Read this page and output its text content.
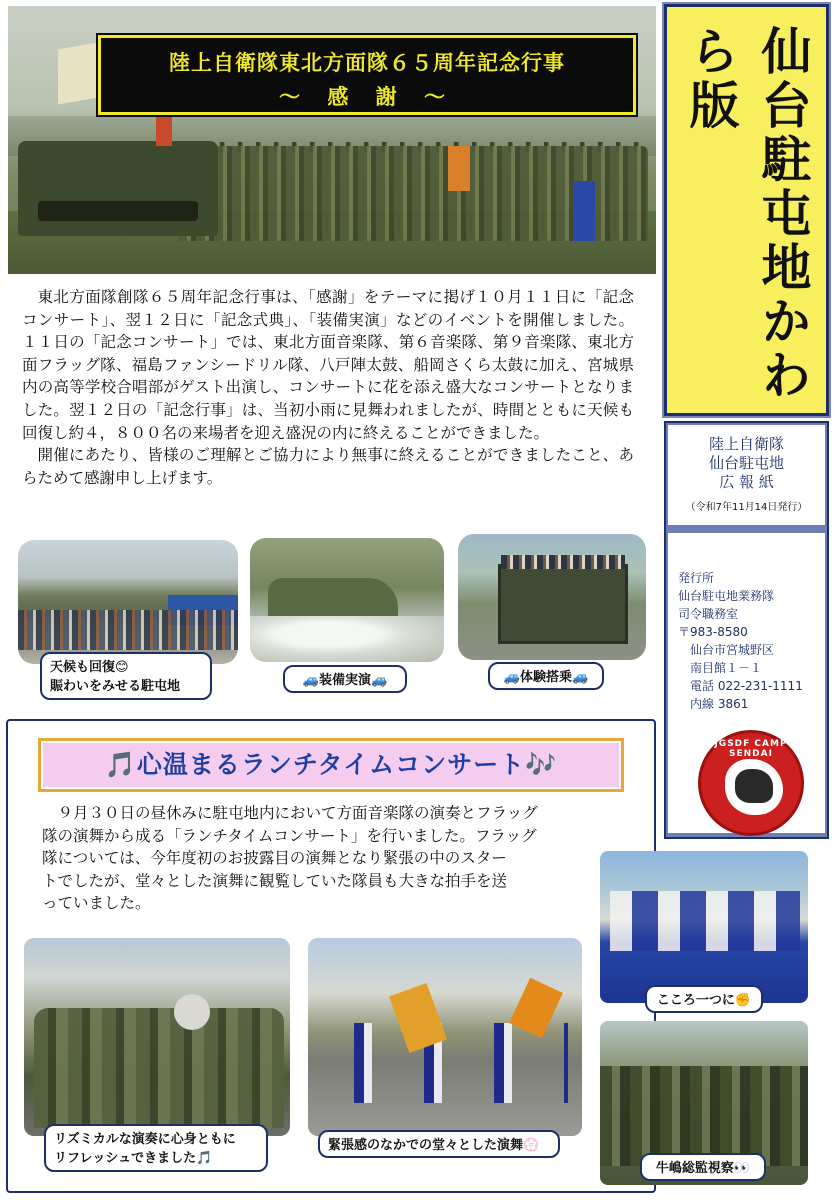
陸上自衛隊東北方面隊６５周年記念行事
～ 感 謝 ～	仙台駐屯地かわら版
陸上自衛隊
仙台駐屯地
広 報 紙
（令和7年11月14日発行）
発行所
仙台駐屯地業務隊
司令職務室
〒983-8580
仙台市宮城野区
南目館１－１
電話 022-231-1111
内線 3861
JGSDF CAMP SENDAI

東北方面隊創隊６５周年記念行事は、「感謝」をテーマに掲げ１０月１１日に「記念コンサート」、翌１２日に「記念式典」、「装備実演」などのイベントを開催しました。１１日の「記念コンサート」では、東北方面音楽隊、第６音楽隊、第９音楽隊、東北方面フラッグ隊、福島ファンシードリル隊、八戸陣太鼓、船岡さくら太鼓に加え、宮城県内の高等学校合唱部がゲスト出演し、コンサートに花を添え盛大なコンサートとなりました。翌１２日の「記念行事」は、当初小雨に見舞われましたが、時間とともに天候も回復し約４，８００名の来場者を迎え盛況の内に終えることができました。

開催にあたり、皆様のご理解とご協力により無事に終えることができましたこと、あらためて感謝申し上げます。

天候も回復😊
賑わいをみせる駐屯地	🚙装備実演🚙	🚙体験搭乗🚙
🎵心温まるランチタイムコンサート🎶
　９月３０日の昼休みに駐屯地内において方面音楽隊の演奏とフラッグ
隊の演舞から成る「ランチタイムコンサート」を行いました。フラッグ
隊については、今年度初のお披露目の演舞となり緊張の中のスター
トでしたが、堂々とした演舞に観覧していた隊員も大きな拍手を送
っていました。
こころ一つに✊
リズミカルな演奏に心身ともに
リフレッシュできました🎵
緊張感のなかでの堂々とした演舞💮
牛嶋総監視察👀
